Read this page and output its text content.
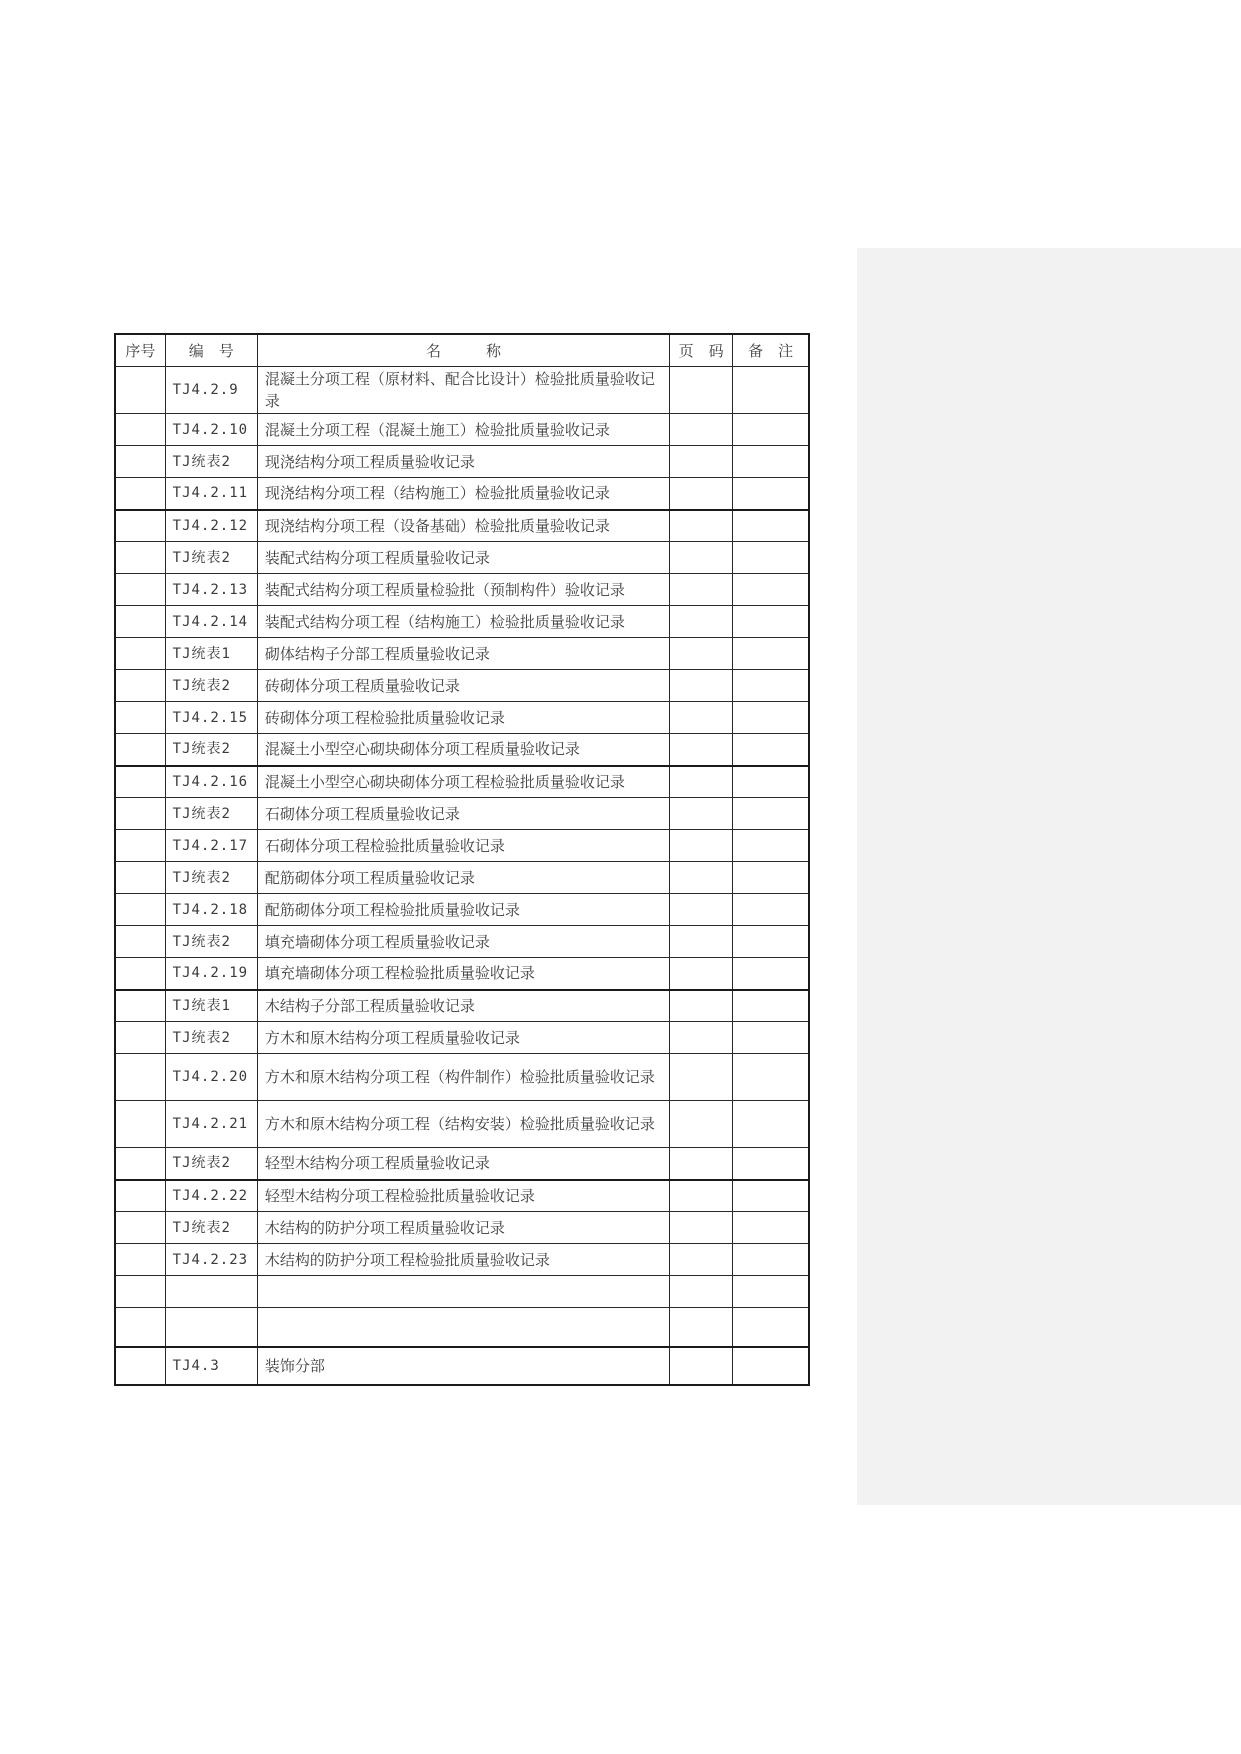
序号	编　号	名　　　称	页　码	备　注
	TJ4.2.9	混凝土分项工程（原材料、配合比设计）检验批质量验收记录		
	TJ4.2.10	混凝土分项工程（混凝土施工）检验批质量验收记录		
	TJ统表2	现浇结构分项工程质量验收记录		
	TJ4.2.11	现浇结构分项工程（结构施工）检验批质量验收记录		
	TJ4.2.12	现浇结构分项工程（设备基础）检验批质量验收记录		
	TJ统表2	装配式结构分项工程质量验收记录		
	TJ4.2.13	装配式结构分项工程质量检验批（预制构件）验收记录		
	TJ4.2.14	装配式结构分项工程（结构施工）检验批质量验收记录		
	TJ统表1	砌体结构子分部工程质量验收记录		
	TJ统表2	砖砌体分项工程质量验收记录		
	TJ4.2.15	砖砌体分项工程检验批质量验收记录		
	TJ统表2	混凝土小型空心砌块砌体分项工程质量验收记录		
	TJ4.2.16	混凝土小型空心砌块砌体分项工程检验批质量验收记录		
	TJ统表2	石砌体分项工程质量验收记录		
	TJ4.2.17	石砌体分项工程检验批质量验收记录		
	TJ统表2	配筋砌体分项工程质量验收记录		
	TJ4.2.18	配筋砌体分项工程检验批质量验收记录		
	TJ统表2	填充墙砌体分项工程质量验收记录		
	TJ4.2.19	填充墙砌体分项工程检验批质量验收记录		
	TJ统表1	木结构子分部工程质量验收记录		
	TJ统表2	方木和原木结构分项工程质量验收记录		
	TJ4.2.20	方木和原木结构分项工程（构件制作）检验批质量验收记录		
	TJ4.2.21	方木和原木结构分项工程（结构安装）检验批质量验收记录		
	TJ统表2	轻型木结构分项工程质量验收记录		
	TJ4.2.22	轻型木结构分项工程检验批质量验收记录		
	TJ统表2	木结构的防护分项工程质量验收记录		
	TJ4.2.23	木结构的防护分项工程检验批质量验收记录		

	TJ4.3	装饰分部		
